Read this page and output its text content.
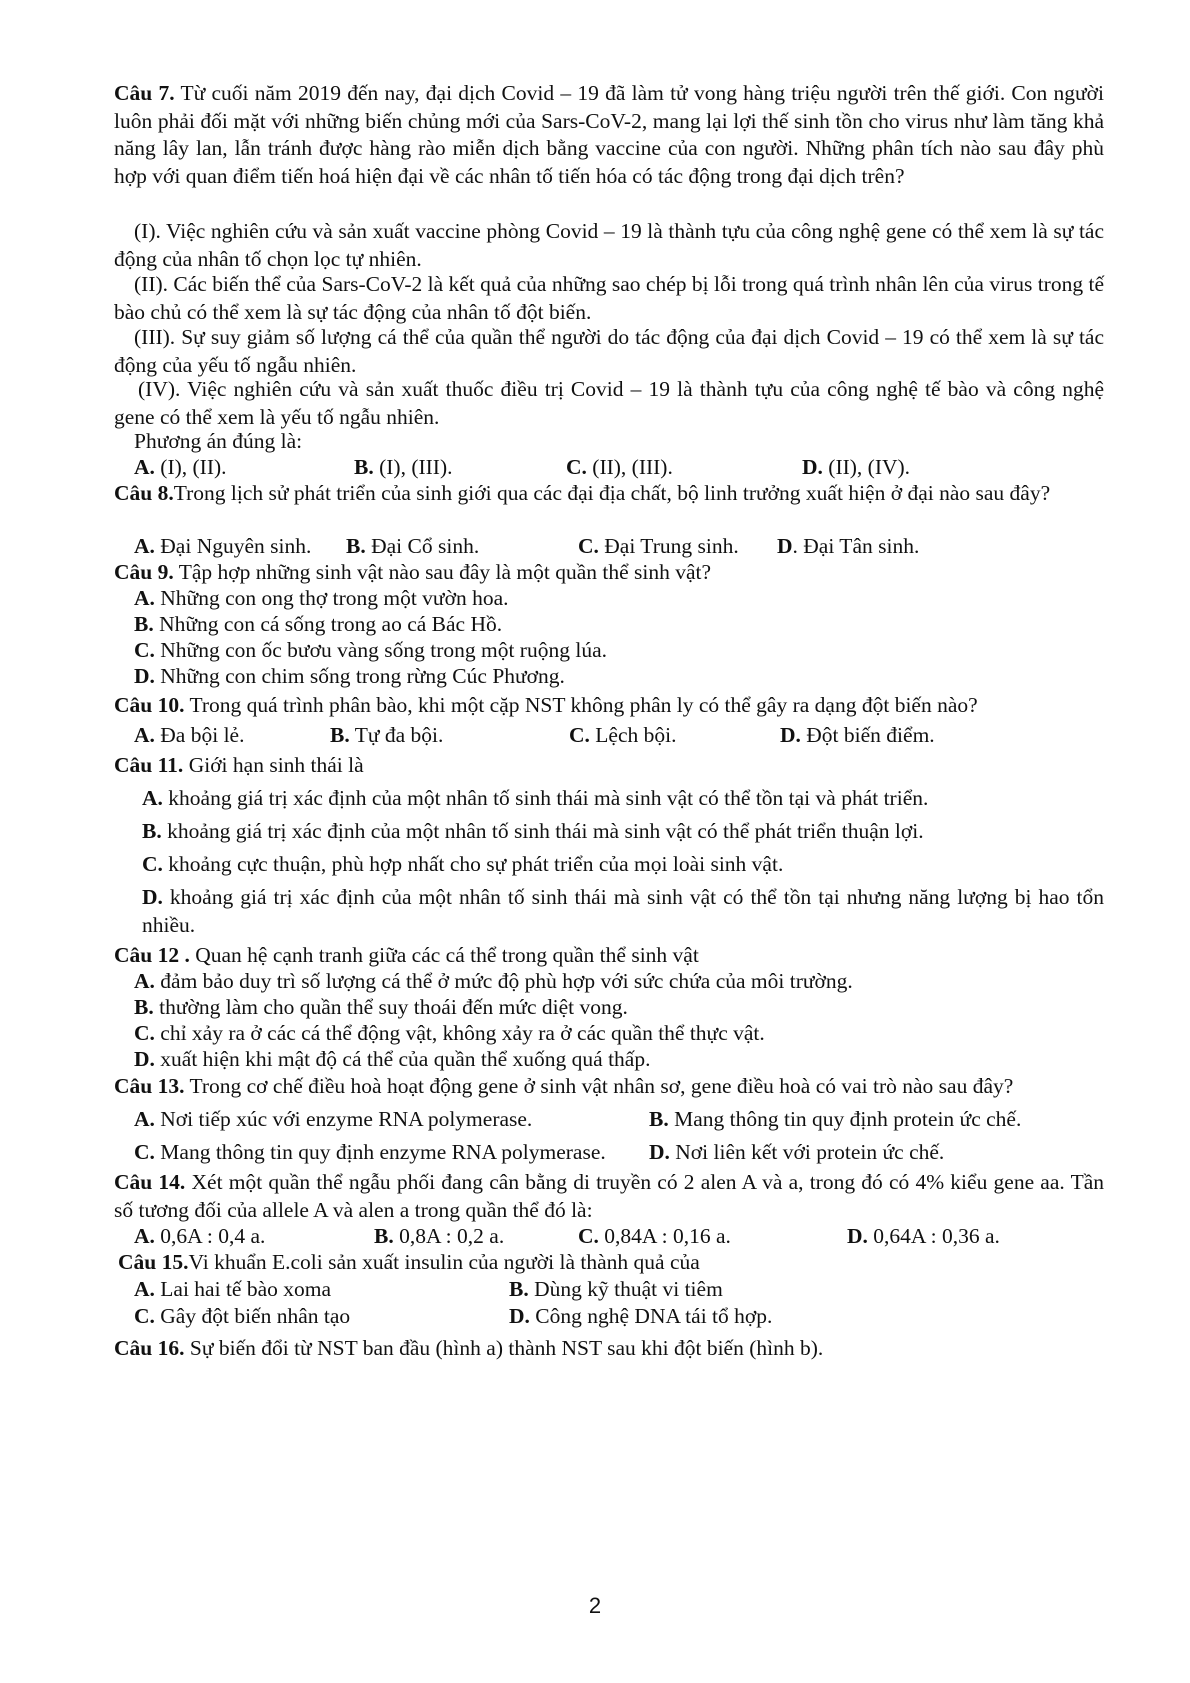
Câu 7. Từ cuối năm 2019 đến nay, đại dịch Covid – 19 đã làm tử vong hàng triệu người trên thế giới. Con người luôn phải đối mặt với những biến chủng mới của Sars-CoV-2, mang lại lợi thế sinh tồn cho virus như làm tăng khả năng lây lan, lẫn tránh được hàng rào miễn dịch bằng vaccine của con người. Những phân tích nào sau đây phù hợp với quan điểm tiến hoá hiện đại về các nhân tố tiến hóa có tác động trong đại dịch trên?
(I). Việc nghiên cứu và sản xuất vaccine phòng Covid – 19 là thành tựu của công nghệ gene có thể xem là sự tác động của nhân tố chọn lọc tự nhiên.
(II). Các biến thể của Sars-CoV-2 là kết quả của những sao chép bị lỗi trong quá trình nhân lên của virus trong tế bào chủ có thể xem là sự tác động của nhân tố đột biến.
(III). Sự suy giảm số lượng cá thể của quần thể người do tác động của đại dịch Covid – 19 có thể xem là sự tác động của yếu tố ngẫu nhiên.
(IV). Việc nghiên cứu và sản xuất thuốc điều trị Covid – 19 là thành tựu của công nghệ tế bào và công nghệ gene có thể xem là yếu tố ngẫu nhiên.
Phương án đúng là:
A. (I), (II).	B. (I), (III).	C. (II), (III).	D. (II), (IV).
Câu 8.Trong lịch sử phát triển của sinh giới qua các đại địa chất, bộ linh trưởng xuất hiện ở đại nào sau đây?
A. Đại Nguyên sinh. B. Đại Cổ sinh.	C. Đại Trung sinh. D. Đại Tân sinh.
Câu 9. Tập hợp những sinh vật nào sau đây là một quần thể sinh vật?
A. Những con ong thợ trong một vườn hoa.
B. Những con cá sống trong ao cá Bác Hồ.
C. Những con ốc bươu vàng sống trong một ruộng lúa.
D. Những con chim sống trong rừng Cúc Phương.
Câu 10. Trong quá trình phân bào, khi một cặp NST không phân ly có thể gây ra dạng đột biến nào?
A. Đa bội lẻ.	B. Tự đa bội.	C. Lệch bội.	D. Đột biến điểm.
Câu 11. Giới hạn sinh thái là
A. khoảng giá trị xác định của một nhân tố sinh thái mà sinh vật có thể tồn tại và phát triển.
B. khoảng giá trị xác định của một nhân tố sinh thái mà sinh vật có thể phát triển thuận lợi.
C. khoảng cực thuận, phù hợp nhất cho sự phát triển của mọi loài sinh vật.
D. khoảng giá trị xác định của một nhân tố sinh thái mà sinh vật có thể tồn tại nhưng năng lượng bị hao tổn nhiều.
Câu 12 . Quan hệ cạnh tranh giữa các cá thể trong quần thể sinh vật
A. đảm bảo duy trì số lượng cá thể ở mức độ phù hợp với sức chứa của môi trường.
B. thường làm cho quần thể suy thoái đến mức diệt vong.
C. chỉ xảy ra ở các cá thể động vật, không xảy ra ở các quần thể thực vật.
D. xuất hiện khi mật độ cá thể của quần thể xuống quá thấp.
Câu 13. Trong cơ chế điều hoà hoạt động gene ở sinh vật nhân sơ, gene điều hoà có vai trò nào sau đây?
A. Nơi tiếp xúc với enzyme RNA polymerase.	B. Mang thông tin quy định protein ức chế.
C. Mang thông tin quy định enzyme RNA polymerase. D. Nơi liên kết với protein ức chế.
Câu 14. Xét một quần thể ngẫu phối đang cân bằng di truyền có 2 alen A và a, trong đó có 4% kiểu gene aa. Tần số tương đối của allele A và alen a trong quần thể đó là:
A. 0,6A : 0,4 a.	B. 0,8A : 0,2 a.	C. 0,84A : 0,16 a.	D. 0,64A : 0,36 a.
Câu 15.Vi khuẩn E.coli sản xuất insulin của người là thành quả của
A. Lai hai tế bào xoma	B. Dùng kỹ thuật vi tiêm
C. Gây đột biến nhân tạo	D. Công nghệ DNA tái tổ hợp.
Câu 16. Sự biến đổi từ NST ban đầu (hình a) thành NST sau khi đột biến (hình b).
2
